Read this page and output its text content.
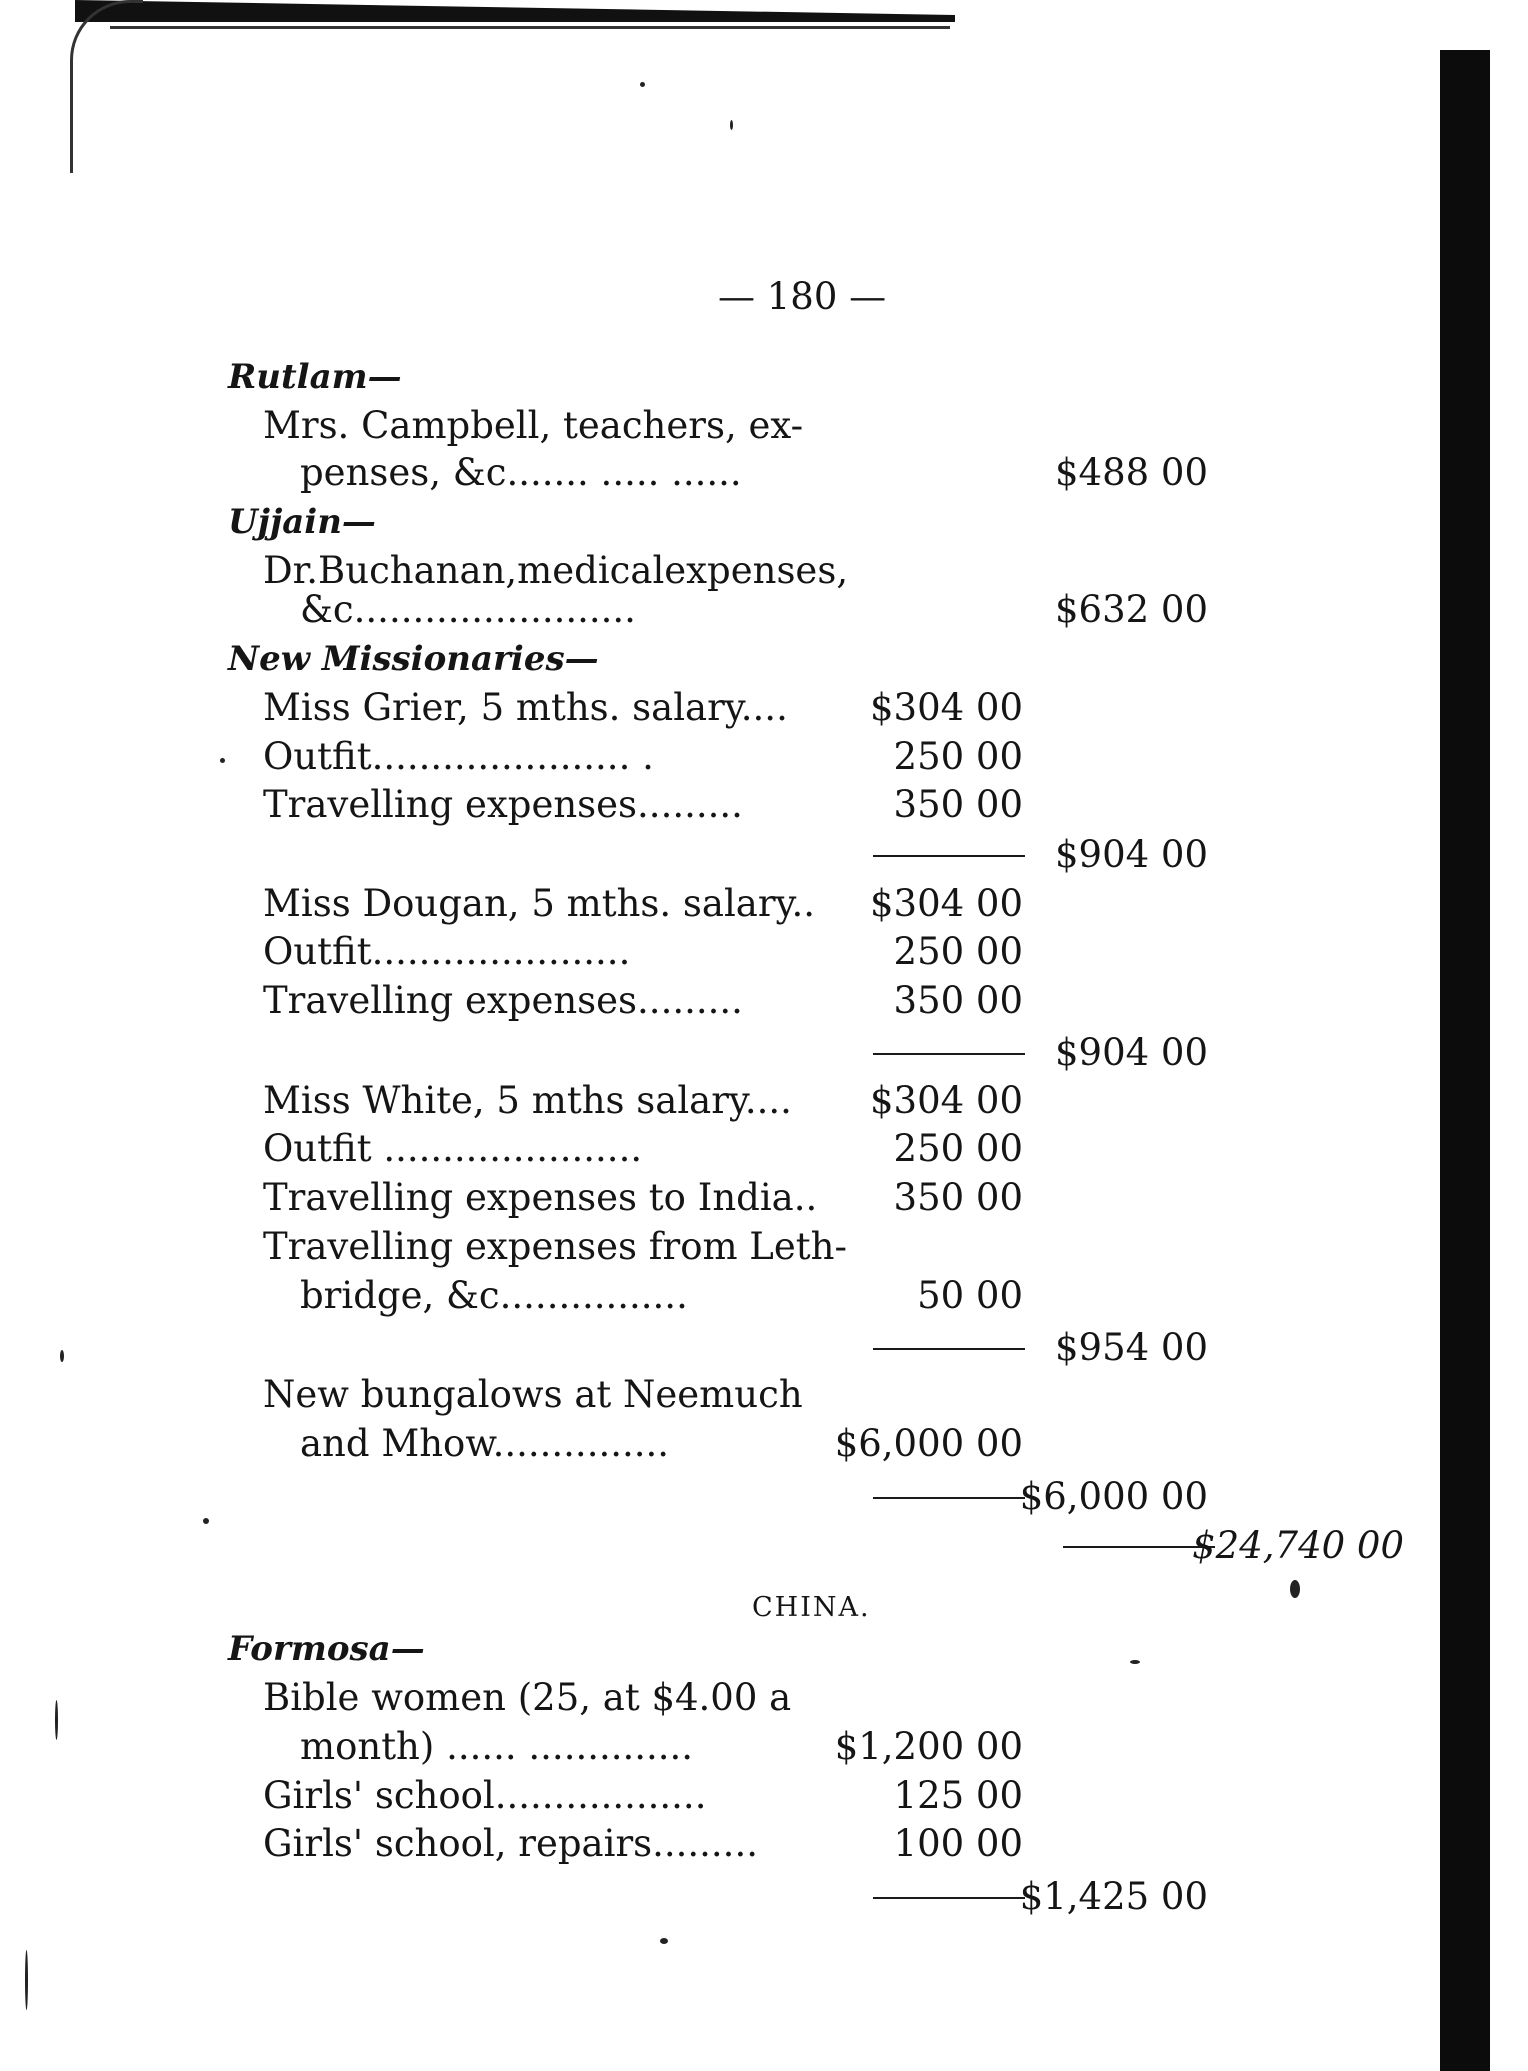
— 180 —
Rutlam—
Mrs. Campbell, teachers, ex-
penses, &c....... ..... ......	$488 00
Ujjain—
Dr.Buchanan,medicalexpenses,
&c........................	$632 00
New Missionaries—
Miss Grier, 5 mths. salary.... $304 00
Outfit...................... .	250 00
Travelling expenses.........	350 00
$904 00
Miss Dougan, 5 mths. salary.. $304 00
Outfit......................	250 00
Travelling expenses.........	350 00
$904 00
Miss White, 5 mths salary.... $304 00
Outfit ......................	250 00
Travelling expenses to India.. 350 00
Travelling expenses from Leth-
bridge, &c................	50 00
$954 00
New bungalows at Neemuch
and Mhow...............	$6,000 00
$6,000 00
$24,740 00
CHINA.
Formosa—
Bible women (25, at $4.00 a
month) ...... ..............	$1,200 00
Girls' school..................	125 00
Girls' school, repairs.........	100 00
$1,425 00
